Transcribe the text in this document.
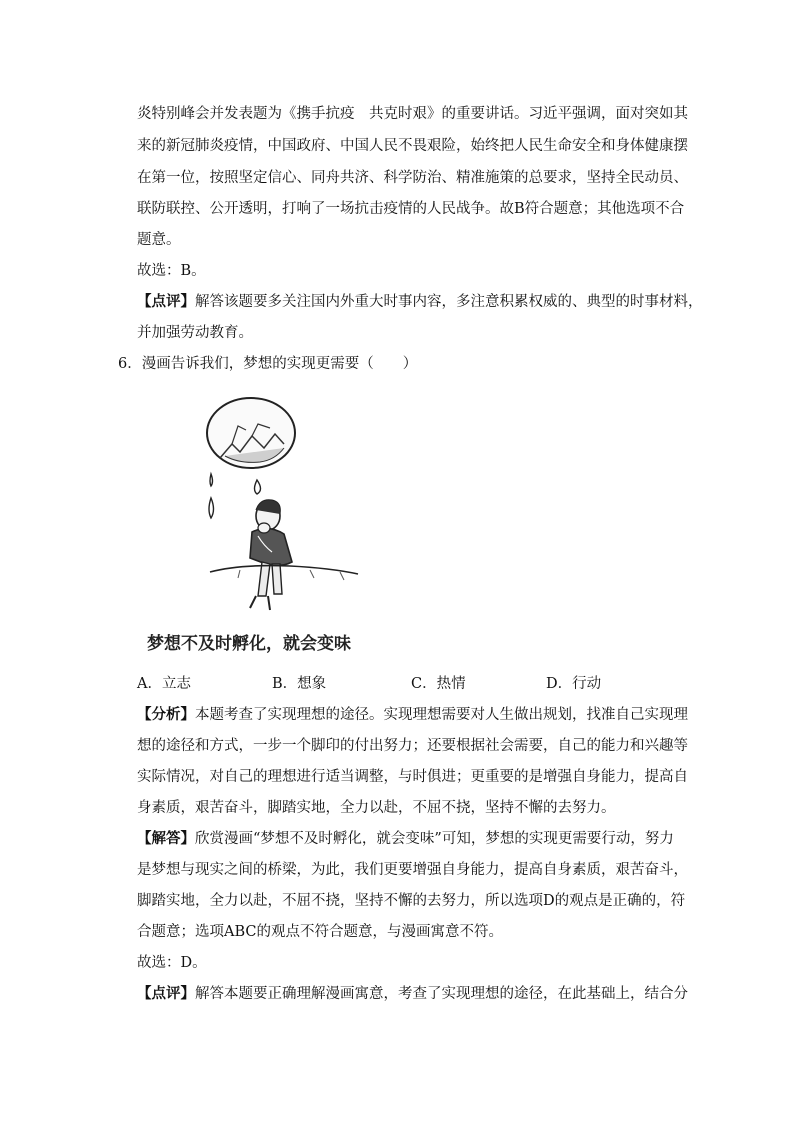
炎特别峰会并发表题为《携手抗疫　共克时艰》的重要讲话。习近平强调，面对突如其
来的新冠肺炎疫情，中国政府、中国人民不畏艰险，始终把人民生命安全和身体健康摆
在第一位，按照坚定信心、同舟共济、科学防治、精准施策的总要求，坚持全民动员、
联防联控、公开透明，打响了一场抗击疫情的人民战争。故B符合题意；其他选项不合
题意。
故选：B。
【点评】解答该题要多关注国内外重大时事内容，多注意积累权威的、典型的时事材料，
并加强劳动教育。
6．漫画告诉我们，梦想的实现更需要（　　）
梦想不及时孵化，就会变味
A．立志	B．想象	C．热情	D．行动
【分析】本题考查了实现理想的途径。实现理想需要对人生做出规划，找准自己实现理
想的途径和方式，一步一个脚印的付出努力；还要根据社会需要，自己的能力和兴趣等
实际情况，对自己的理想进行适当调整，与时俱进；更重要的是增强自身能力，提高自
身素质，艰苦奋斗，脚踏实地，全力以赴，不屈不挠，坚持不懈的去努力。
【解答】欣赏漫画“梦想不及时孵化，就会变味”可知，梦想的实现更需要行动，努力
是梦想与现实之间的桥梁，为此，我们更要增强自身能力，提高自身素质，艰苦奋斗，
脚踏实地，全力以赴，不屈不挠，坚持不懈的去努力，所以选项D的观点是正确的，符
合题意；选项ABC的观点不符合题意，与漫画寓意不符。
故选：D。
【点评】解答本题要正确理解漫画寓意，考查了实现理想的途径，在此基础上，结合分
